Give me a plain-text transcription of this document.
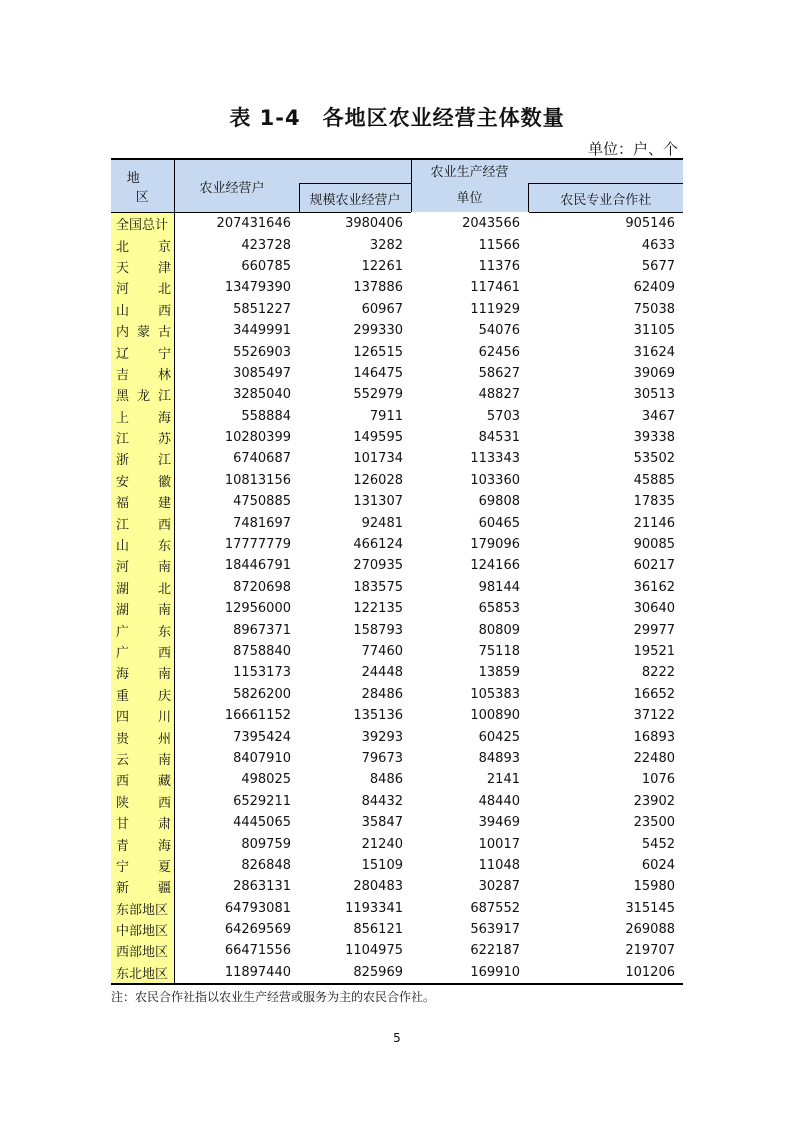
表 1-4　各地区农业经营主体数量
单位：户、个
地　区	农业经营户		农业生产经营单位	

		规模农业经营户		农民专业合作社
全国总计	207431646	3980406	2043566	905146

北 京	423728	3282	11566	4633

天 津	660785	12261	11376	5677

河 北	13479390	137886	117461	62409

山 西	5851227	60967	111929	75038

内 蒙 古	3449991	299330	54076	31105

辽 宁	5526903	126515	62456	31624

吉 林	3085497	146475	58627	39069

黑 龙 江	3285040	552979	48827	30513

上 海	558884	7911	5703	3467

江 苏	10280399	149595	84531	39338

浙 江	6740687	101734	113343	53502

安 徽	10813156	126028	103360	45885

福 建	4750885	131307	69808	17835

江 西	7481697	92481	60465	21146

山 东	17777779	466124	179096	90085

河 南	18446791	270935	124166	60217

湖 北	8720698	183575	98144	36162

湖 南	12956000	122135	65853	30640

广 东	8967371	158793	80809	29977

广 西	8758840	77460	75118	19521

海 南	1153173	24448	13859	8222

重 庆	5826200	28486	105383	16652

四 川	16661152	135136	100890	37122

贵 州	7395424	39293	60425	16893

云 南	8407910	79673	84893	22480

西 藏	498025	8486	2141	1076

陕 西	6529211	84432	48440	23902

甘 肃	4445065	35847	39469	23500

青 海	809759	21240	10017	5452

宁 夏	826848	15109	11048	6024

新 疆	2863131	280483	30287	15980
东部地区	64793081	1193341	687552	315145
中部地区	64269569	856121	563917	269088
西部地区	66471556	1104975	622187	219707
东北地区	11897440	825969	169910	101206
注：农民合作社指以农业生产经营或服务为主的农民合作社。
5
